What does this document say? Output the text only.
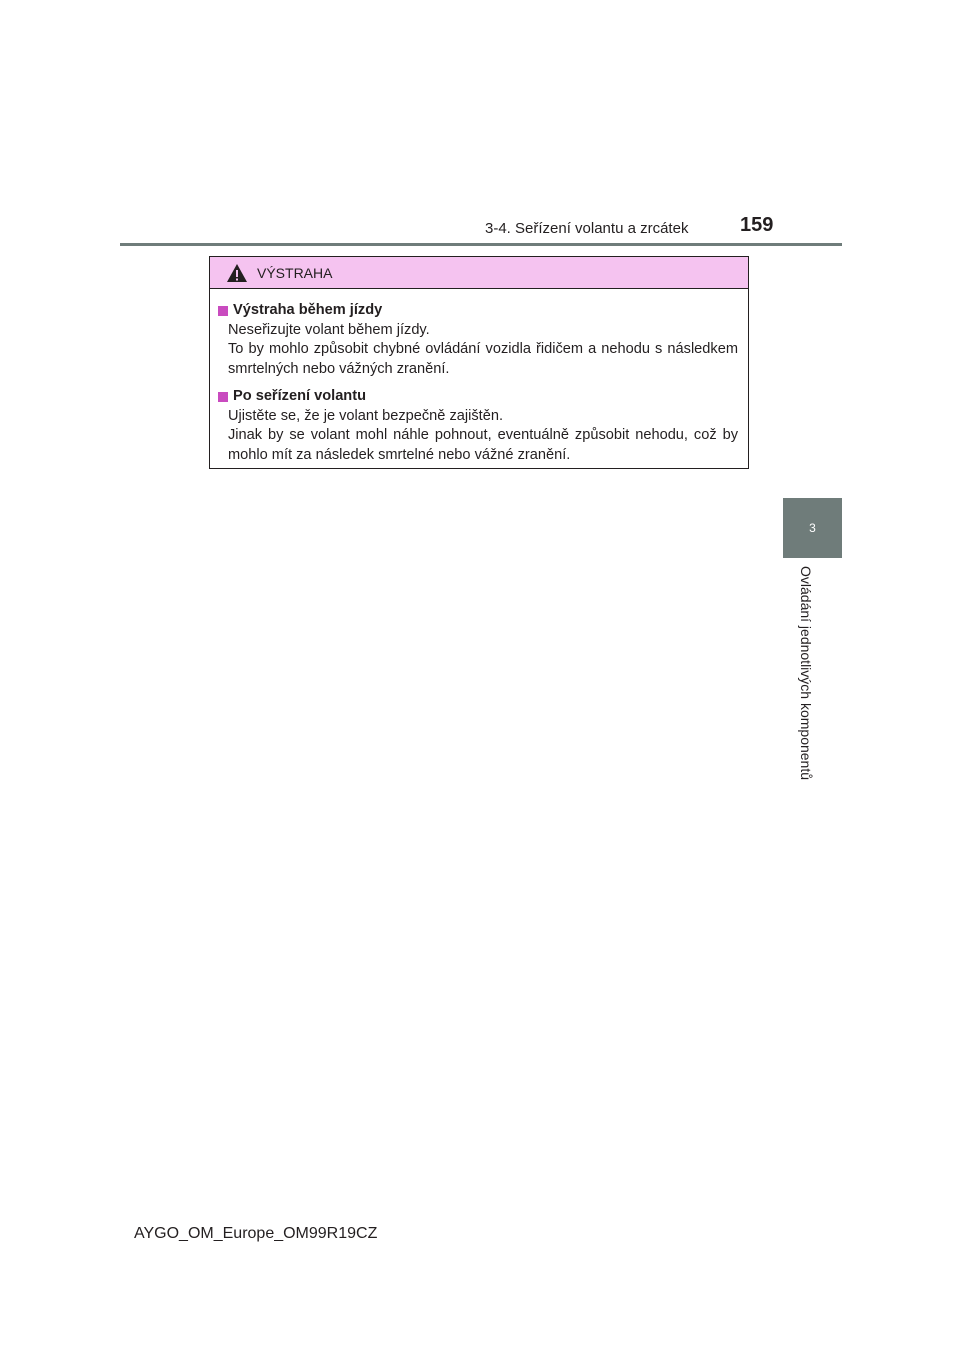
3-4. Seřízení volantu a zrcátek	159
3
Ovládání jednotlivých komponentů
VÝSTRAHA
Výstraha během jízdy
Neseřizujte volant během jízdy.
To by mohlo způsobit chybné ovládání vozidla řidičem a nehodu s následkem smrtelných nebo vážných zranění.
Po seřízení volantu
Ujistěte se, že je volant bezpečně zajištěn.
Jinak by se volant mohl náhle pohnout, eventuálně způsobit nehodu, což by mohlo mít za následek smrtelné nebo vážné zranění.
AYGO_OM_Europe_OM99R19CZ
